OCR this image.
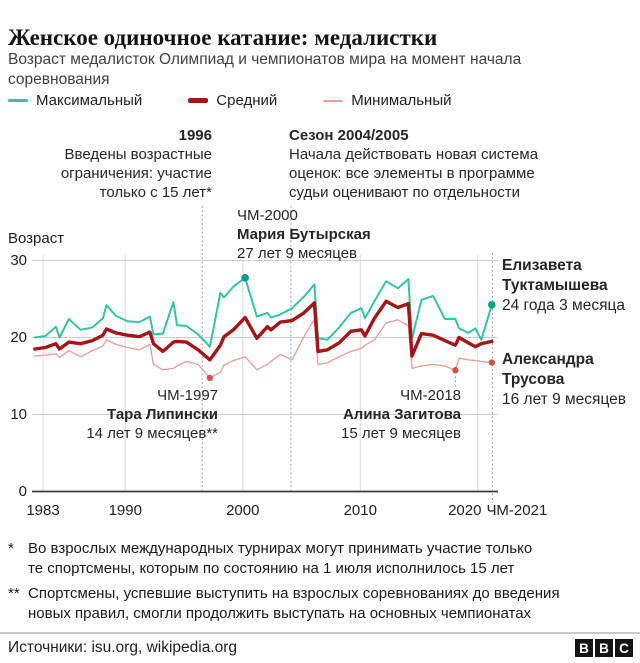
Женское одиночное катание: медалистки
Возраст медалисток Олимпиад и чемпионатов мира на момент начала соревнования
Максимальный	Средний	Минимальный
1996
Введены возрастные
ограничения: участие
только с 15 лет*
Сезон 2004/2005
Начала действовать новая система
оценок: все элементы в программе
судьи оценивают по отдельности
ЧМ-2000
Мария Бутырская
27 лет 9 месяцев
ЧМ-1997
Тара Липински
14 лет 9 месяцев**
ЧМ-2018
Алина Загитова
15 лет 9 месяцев
Елизавета
Туктамышева
24 года 3 месяца
Александра
Трусова
16 лет 9 месяцев
Возраст
* Во взрослых международных турнирах могут принимать участие только
те спортсмены, которым по состоянию на 1 июля исполнилось 15 лет
** Спортсмены, успевшие выступить на взрослых соревнованиях до введения
новых правил, смогли продолжить выступать на основных чемпионатах
Источники: isu.org, wikipedia.org	B B C
0
10
20
30
1983	1990	2000	2010	2020 ЧМ-2021
